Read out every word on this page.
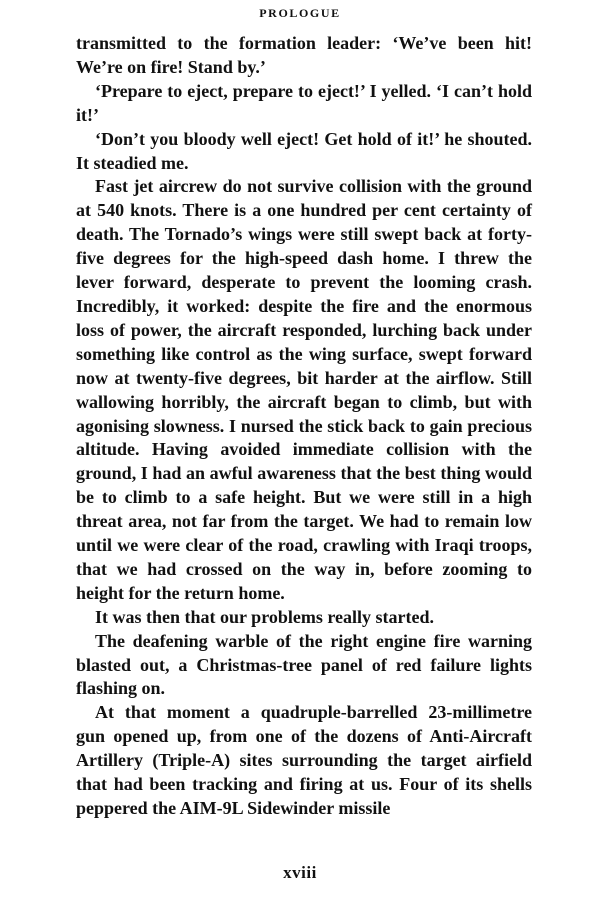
PROLOGUE

transmitted to the formation leader: ‘We’ve been hit! We’re on fire! Stand by.’

‘Prepare to eject, prepare to eject!’ I yelled. ‘I can’t hold it!’

‘Don’t you bloody well eject! Get hold of it!’ he shouted. It steadied me.

Fast jet aircrew do not survive collision with the ground at 540 knots. There is a one hundred per cent certainty of death. The Tornado’s wings were still swept back at forty-five degrees for the high-speed dash home. I threw the lever forward, desperate to prevent the looming crash. Incredibly, it worked: despite the fire and the enormous loss of power, the aircraft responded, lurching back under something like control as the wing surface, swept forward now at twenty-five degrees, bit harder at the airflow. Still wallowing horribly, the aircraft began to climb, but with agonising slowness. I nursed the stick back to gain precious altitude. Having avoided immediate collision with the ground, I had an awful awareness that the best thing would be to climb to a safe height. But we were still in a high threat area, not far from the target. We had to remain low until we were clear of the road, crawling with Iraqi troops, that we had crossed on the way in, before zooming to height for the return home.

It was then that our problems really started.

The deafening warble of the right engine fire warning blasted out, a Christmas-tree panel of red failure lights flashing on.

At that moment a quadruple-barrelled 23-millimetre gun opened up, from one of the dozens of Anti-Aircraft Artillery (Triple-A) sites surrounding the target airfield that had been tracking and firing at us. Four of its shells peppered the AIM-9L Sidewinder missile

xviii
